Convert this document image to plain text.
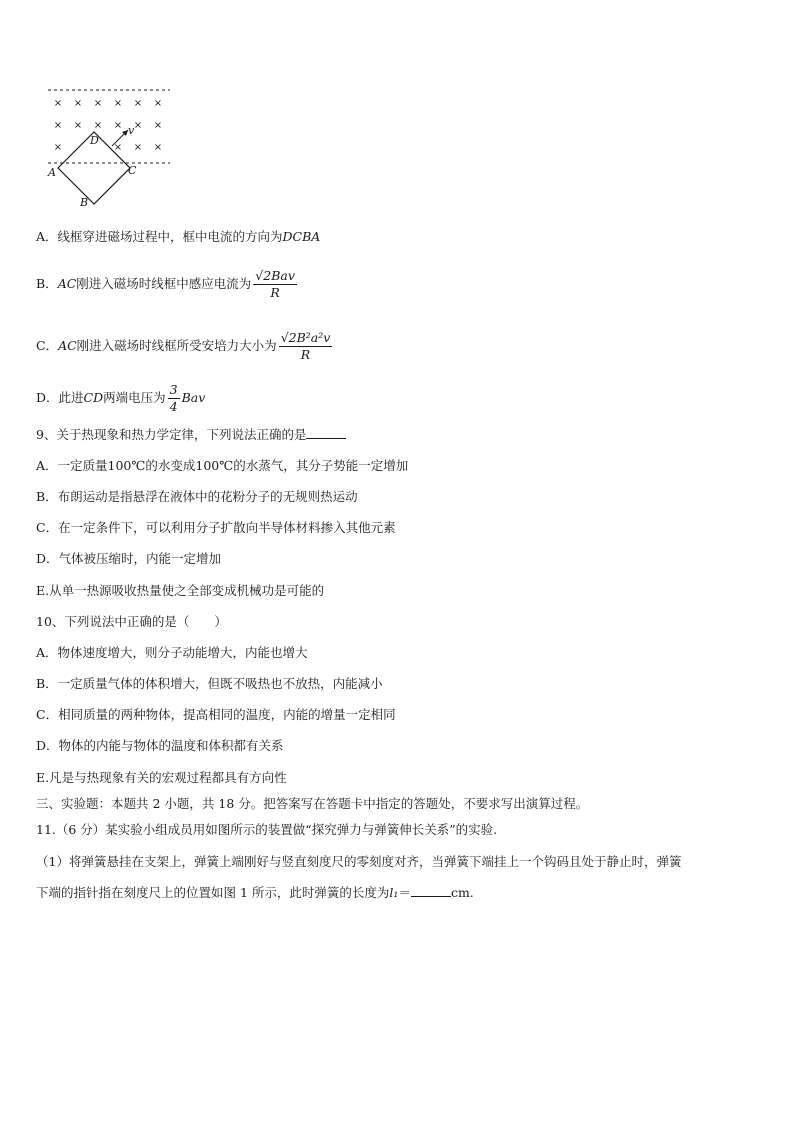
× × × × × ×
× × × × × ×
×	× × ×
A
B
C
D
v
A．线框穿进磁场过程中，框中电流的方向为DCBA
B．AC刚进入磁场时线框中感应电流为 $\frac{\text{√2Bav}}{R}$
C．AC刚进入磁场时线框所受安培力大小为 $\frac{\text{√2B²a²v}}{R}$
D．此进CD两端电压为 $\frac{3}{4}$ Bav
9、关于热现象和热力学定律，下列说法正确的是
A．一定质量100℃的水变成100℃的水蒸气，其分子势能一定增加
B．布朗运动是指悬浮在液体中的花粉分子的无规则热运动
C．在一定条件下，可以利用分子扩散向半导体材料掺入其他元素
D．气体被压缩时，内能一定增加
E.从单一热源吸收热量使之全部变成机械功是可能的
10、下列说法中正确的是（　　）
A．物体速度增大，则分子动能增大，内能也增大
B．一定质量气体的体积增大，但既不吸热也不放热，内能减小
C．相同质量的两种物体，提高相同的温度，内能的增量一定相同
D．物体的内能与物体的温度和体积都有关系
E.凡是与热现象有关的宏观过程都具有方向性
三、实验题：本题共 2 小题，共 18 分。把答案写在答题卡中指定的答题处，不要求写出演算过程。
11.（6 分）某实验小组成员用如图所示的装置做“探究弹力与弹簧伸长关系”的实验.
（1）将弹簧悬挂在支架上，弹簧上端刚好与竖直刻度尺的零刻度对齐，当弹簧下端挂上一个钩码且处于静止时，弹簧
下端的指针指在刻度尺上的位置如图 1 所示，此时弹簧的长度为l₁＝	cm.
